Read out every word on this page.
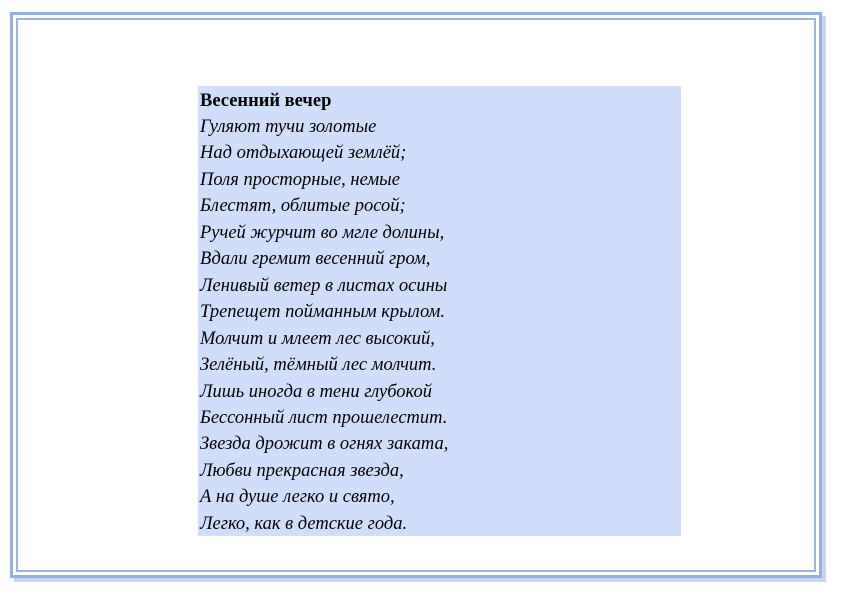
Весенний вечер

Гуляют тучи золотые

Над отдыхающей землёй;

Поля просторные, немые

Блестят, облитые росой;

Ручей журчит во мгле долины,

Вдали гремит весенний гром,

Ленивый ветер в листах осины

Трепещет пойманным крылом.

Молчит и млеет лес высокий,

Зелёный, тёмный лес молчит.

Лишь иногда в тени глубокой

Бессонный лист прошелестит.

Звезда дрожит в огнях заката,

Любви прекрасная звезда,

А на душе легко и свято,

Легко, как в детские года.
